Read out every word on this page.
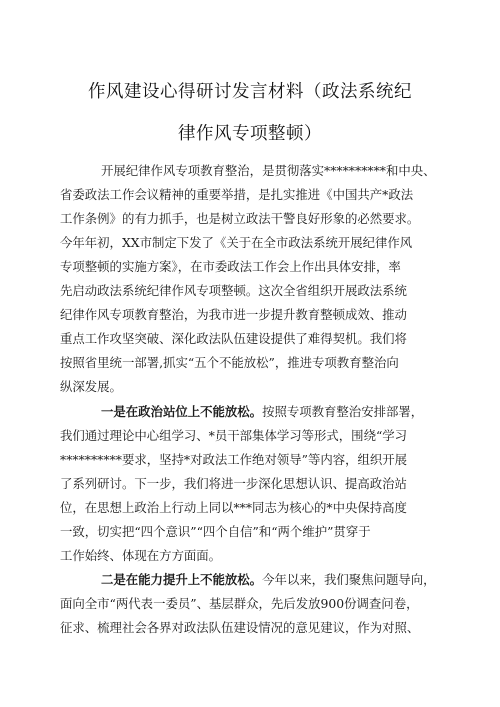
作风建设心得研讨发言材料（政法系统纪
律作风专项整顿）
开展纪律作风专项教育整治，是贯彻落实**********和中央、
省委政法工作会议精神的重要举措，是扎实推进《中国共产*政法
工作条例》的有力抓手，也是树立政法干警良好形象的必然要求。
今年年初，XX市制定下发了《关于在全市政法系统开展纪律作风
专项整顿的实施方案》，在市委政法工作会上作出具体安排，率
先启动政法系统纪律作风专项整顿。这次全省组织开展政法系统
纪律作风专项教育整治，为我市进一步提升教育整顿成效、推动
重点工作攻坚突破、深化政法队伍建设提供了难得契机。我们将
按照省里统一部署,抓实“五个不能放松”，推进专项教育整治向
纵深发展。
一是在政治站位上不能放松。按照专项教育整治安排部署，
我们通过理论中心组学习、*员干部集体学习等形式，围绕“学习
**********要求，坚持*对政法工作绝对领导”等内容，组织开展
了系列研讨。下一步，我们将进一步深化思想认识、提高政治站
位，在思想上政治上行动上同以***同志为核心的*中央保持高度
一致，切实把“四个意识”“四个自信”和“两个维护”贯穿于
工作始终、体现在方方面面。
二是在能力提升上不能放松。今年以来，我们聚焦问题导向，
面向全市“两代表一委员”、基层群众，先后发放900份调查问卷，
征求、梳理社会各界对政法队伍建设情况的意见建议，作为对照、
